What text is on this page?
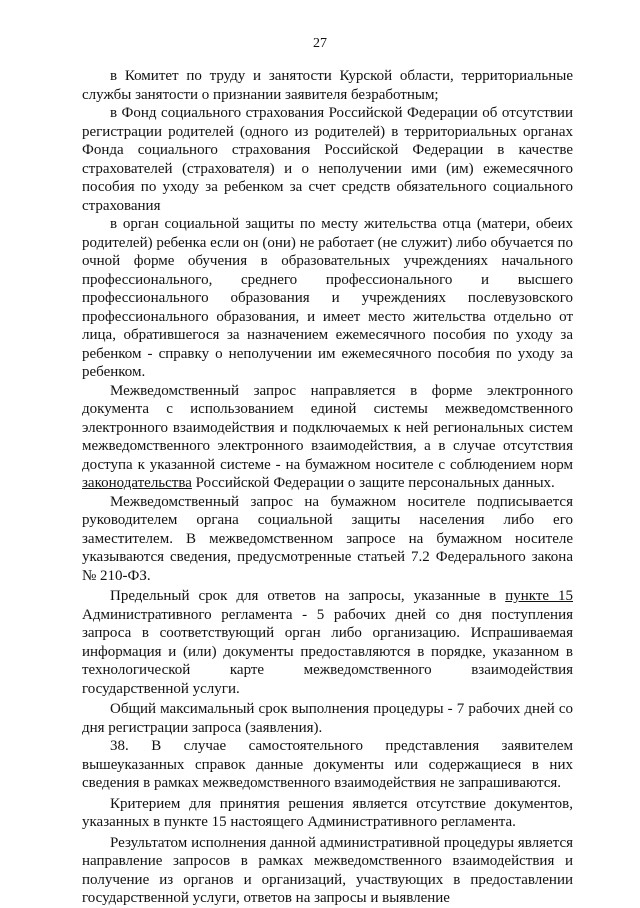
27

в Комитет по труду и занятости Курской области, территориальные службы занятости о признании заявителя безработным;

в Фонд социального страхования Российской Федерации об отсутствии регистрации родителей (одного из родителей) в территориальных органах Фонда социального страхования Российской Федерации в качестве страхователей (страхователя) и о неполучении ими (им) ежемесячного пособия по уходу за ребенком за счет средств обязательного социального страхования

в орган социальной защиты по месту жительства отца (матери, обеих родителей) ребенка если он (они) не работает (не служит) либо обучается по очной форме обучения в образовательных учреждениях начального профессионального, среднего профессионального и высшего профессионального образования и учреждениях послевузовского профессионального образования, и имеет место жительства отдельно от лица, обратившегося за назначением ежемесячного пособия по уходу за ребенком - справку о неполучении им ежемесячного пособия по уходу за ребенком.

Межведомственный запрос направляется в форме электронного документа с использованием единой системы межведомственного электронного взаимодействия и подключаемых к ней региональных систем межведомственного электронного взаимодействия, а в случае отсутствия доступа к указанной системе - на бумажном носителе с соблюдением норм законодательства Российской Федерации о защите персональных данных.

Межведомственный запрос на бумажном носителе подписывается руководителем органа социальной защиты населения либо его заместителем. В межведомственном запросе на бумажном носителе указываются сведения, предусмотренные статьей 7.2 Федерального закона № 210-ФЗ.

Предельный срок для ответов на запросы, указанные в пункте 15 Административного регламента - 5 рабочих дней со дня поступления запроса в соответствующий орган либо организацию. Испрашиваемая информация и (или) документы предоставляются в порядке, указанном в технологической карте межведомственного взаимодействия государственной услуги.

Общий максимальный срок выполнения процедуры - 7 рабочих дней со дня регистрации запроса (заявления).

38. В случае самостоятельного представления заявителем вышеуказанных справок данные документы или содержащиеся в них сведения в рамках межведомственного взаимодействия не запрашиваются.

Критерием для принятия решения является отсутствие документов, указанных в пункте 15 настоящего Административного регламента.

Результатом исполнения данной административной процедуры является направление запросов в рамках межведомственного взаимодействия и получение из органов и организаций, участвующих в предоставлении государственной услуги, ответов на запросы и выявление
